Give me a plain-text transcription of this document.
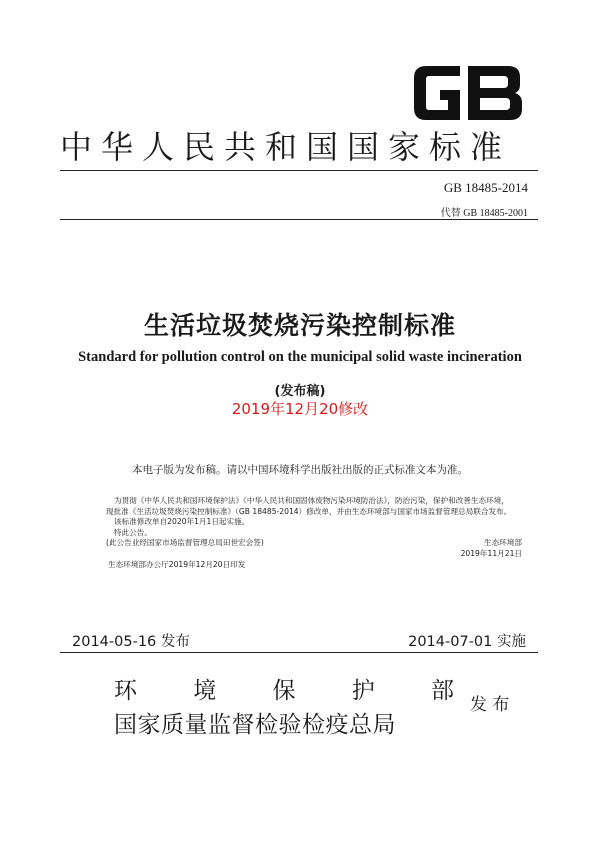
中华人民共和国国家标准
GB 18485-2014
代替 GB 18485-2001
生活垃圾焚烧污染控制标准
Standard for pollution control on the municipal solid waste incineration
(发布稿)
2019年12月20修改
本电子版为发布稿。请以中国环境科学出版社出版的正式标准文本为准。
为贯彻《中华人民共和国环境保护法》《中华人民共和国固体废物污染环境防治法》，防治污染，保护和改善生态环境，
现批准《生活垃圾焚烧污染控制标准》（GB 18485-2014）修改单，并由生态环境部与国家市场监督管理总局联合发布。
该标准修改单自2020年1月1日起实施。
特此公告。
(此公告业经国家市场监督管理总局田世宏会签)	生态环境部
2019年11月21日
生态环境部办公厅2019年12月20日印发
2014-05-16 发布	2014-07-01 实施
环 境 保 护 部
国家质量监督检验检疫总局
发 布
